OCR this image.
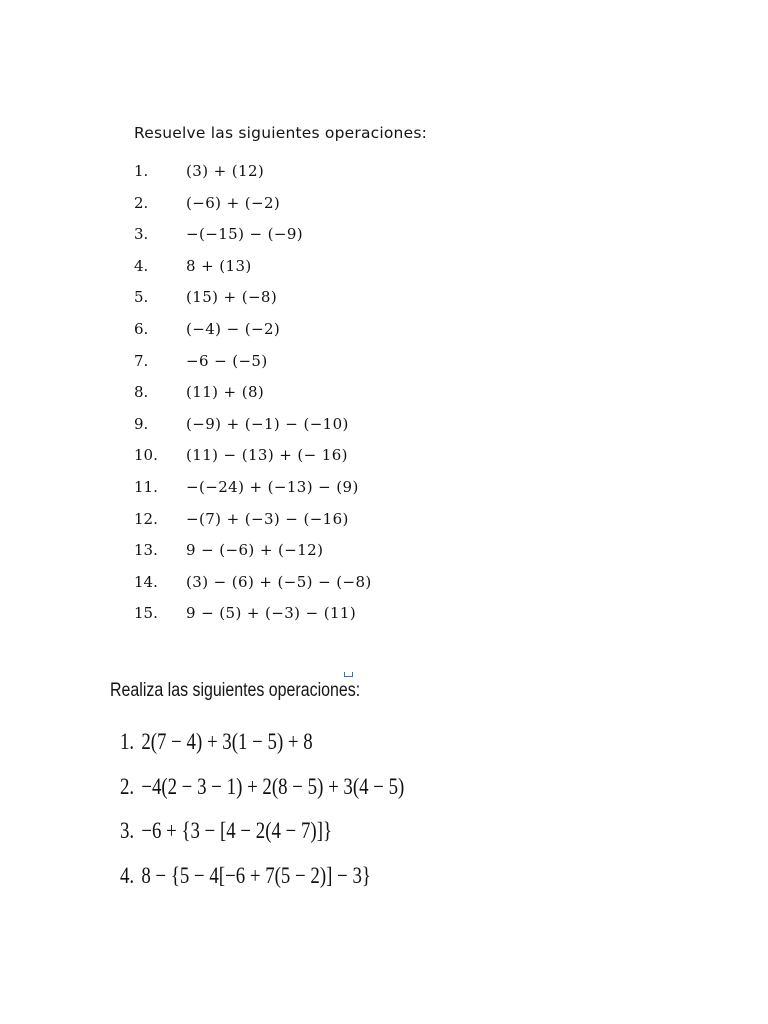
Resuelve las siguientes operaciones:
1.	(3) + (12)
2.	(−6) + (−2)
3.	−(−15) − (−9)
4.	8 + (13)
5.	(15) + (−8)
6.	(−4) − (−2)
7.	−6 − (−5)
8.	(11) + (8)
9.	(−9) + (−1) − (−10)
10.	(11) − (13) + (− 16)
11.	−(−24) + (−13) − (9)
12.	−(7) + (−3) − (−16)
13.	9 − (−6) + (−12)
14.	(3) − (6) + (−5) − (−8)
15.	9 − (5) + (−3) − (11)
Realiza las siguientes operaciones:
1. 2(7 − 4) + 3(1 − 5) + 8
2. −4(2 − 3 − 1) + 2(8 − 5) + 3(4 − 5)
3. −6 + {3 − [4 − 2(4 − 7)]}
4. 8 − {5 − 4[−6 + 7(5 − 2)] − 3}
